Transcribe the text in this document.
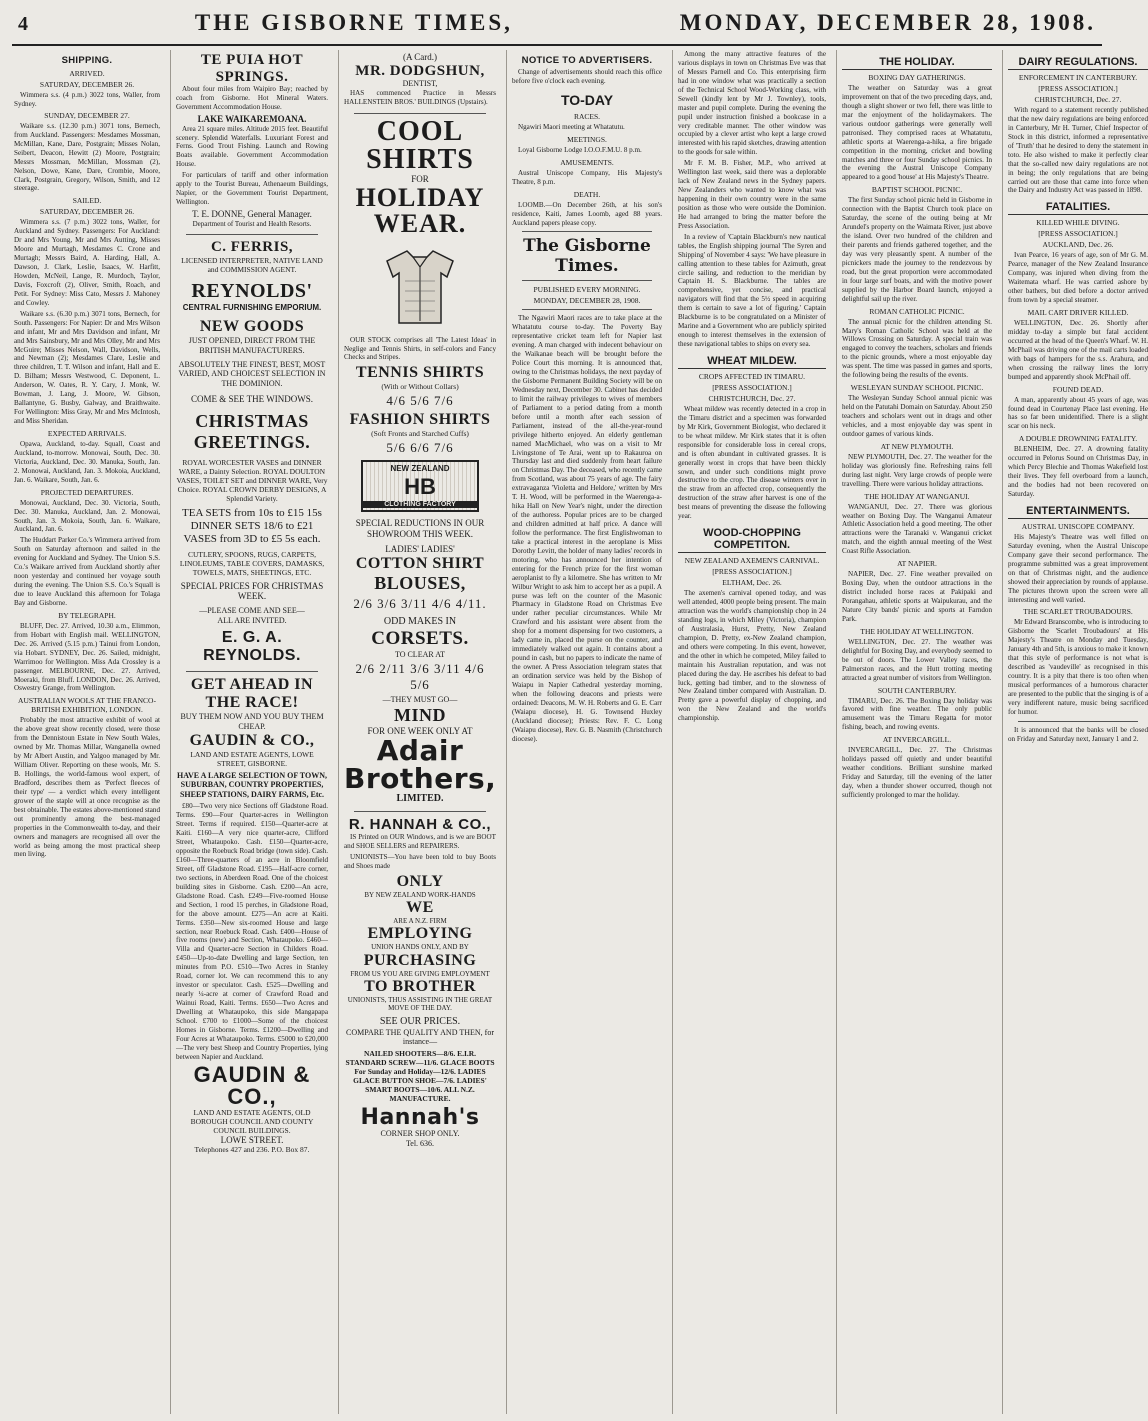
4	THE GISBORNE TIMES,	MONDAY, DECEMBER 28, 1908.
SHIPPING.
ARRIVED.
SATURDAY, DECEMBER 26.
Wimmera s.s. (4 p.m.) 3022 tons, Waller, from Sydney.
SUNDAY, DECEMBER 27.
Waikare s.s. (12.30 p.m.) 3071 tons, Bernech, from Auckland. Passengers: Mesdames Mossman, McMillan, Kane, Dare, Postgrain; Misses Nolan, Seibert, Deacon, Hewitt (2) Moore, Postgrain; Messrs Mossman, McMillan, Mossman (2), Nelson, Dowe, Kane, Dare, Crombie, Moore, Clark, Postgrain, Gregory, Wilson, Smith, and 12 steerage.
SAILED.
SATURDAY, DECEMBER 26.
Wimmera s.s. (7 p.m.) 3022 tons, Waller, for Auckland and Sydney. Passengers: For Auckland: Dr and Mrs Young, Mr and Mrs Autting, Misses Moore and Murtagh, Mesdames C. Crone and Murtagh; Messrs Baird, A. Harding, Hall, A. Dawson, J. Clark, Leslie, Isaacs, W. Harfitt, Howden, McNeil, Lange, R. Murdoch, Taylor, Davis, Foxcroft (2), Oliver, Smith, Roach, and Petit. For Sydney: Miss Cato, Messrs J. Mahoney and Cowley.
Waikare s.s. (6.30 p.m.) 3071 tons, Bernech, for South. Passengers: For Napier: Dr and Mrs Wilson and infant, Mr and Mrs Davidson and infant, Mr and Mrs Sainsbury, Mr and Mrs Olley, Mr and Mrs McGuire; Misses Nelson, Wall, Davidson, Wells, and Newman (2); Mesdames Clare, Leslie and three children, T. T. Wilson and infant, Hall and E. D. Bilham; Messrs Westwood, C. Deponent, L. Anderson, W. Oates, R. Y. Cary, J. Monk, W. Bowman, J. Lang, J. Moore, W. Gibson, Ballantyne, G. Busby, Galway, and Braithwaite. For Wellington: Miss Gray, Mr and Mrs McIntosh, and Miss Sheridan.
EXPECTED ARRIVALS.
Opawa, Auckland, to-day. Squall, Coast and Auckland, to-morrow. Monowai, South, Dec. 30. Victoria, Auckland, Dec. 30. Manuka, South, Jan. 2. Monowai, Auckland, Jan. 3. Mokoia, Auckland, Jan. 6. Waikare, South, Jan. 6.
PROJECTED DEPARTURES.
Monowai, Auckland, Dec. 30. Victoria, South, Dec. 30. Manuka, Auckland, Jan. 2. Monowai, South, Jan. 3. Mokoia, South, Jan. 6. Waikare, Auckland, Jan. 6.
The Huddart Parker Co.'s Wimmera arrived from South on Saturday afternoon and sailed in the evening for Auckland and Sydney. The Union S.S. Co.'s Waikare arrived from Auckland shortly after noon yesterday and continued her voyage south during the evening. The Union S.S. Co.'s Squall is due to leave Auckland this afternoon for Tolaga Bay and Gisborne.
BY TELEGRAPH.
BLUFF, Dec. 27. Arrived, 10.30 a.m., Elimmon, from Hobart with English mail. WELLINGTON, Dec. 26. Arrived (5.15 p.m.) Tainui from London, via Hobart. SYDNEY, Dec. 26. Sailed, midnight, Warrimoo for Wellington. Miss Ada Crossley is a passenger. MELBOURNE, Dec. 27. Arrived, Moeraki, from Bluff. LONDON, Dec. 26. Arrived, Oswestry Grange, from Wellington.
AUSTRALIAN WOOLS AT THE FRANCO-BRITISH EXHIBITION, LONDON.
Probably the most attractive exhibit of wool at the above great show recently closed, were those from the Dennistoun Estate in New South Wales, owned by Mr. Thomas Millar, Wanganella owned by Mr Albert Austin, and Yalgoo managed by Mr. William Oliver. Reporting on these wools, Mr. S. B. Hollings, the world-famous wool expert, of Bradford, describes them as 'Perfect fleeces of their type' — a verdict which every intelligent grower of the staple will at once recognise as the best obtainable. The estates above-mentioned stand out prominently among the best-managed properties in the Commonwealth to-day, and their owners and managers are recognised all over the world as being among the most practical sheep men living.
TE PUIA HOT
SPRINGS.
About four miles from Waipiro Bay; reached by coach from Gisborne. Hot Mineral Waters. Government Accommodation House.
LAKE WAIKAREMOANA.
Area 21 square miles. Altitude 2015 feet. Beautiful scenery. Splendid Waterfalls. Luxuriant Forest and Ferns. Good Trout Fishing. Launch and Rowing Boats available. Government Accommodation House.
For particulars of tariff and other information apply to the Tourist Bureau, Athenaeum Buildings, Napier, or the Government Tourist Department, Wellington.
T. E. DONNE, General Manager.
Department of Tourist and Health Resorts.
C. FERRIS,
LICENSED INTERPRETER, NATIVE LAND and COMMISSION AGENT.
REYNOLDS'
CENTRAL FURNISHING EMPORIUM.
NEW GOODS
JUST OPENED, DIRECT FROM THE BRITISH MANUFACTURERS.
ABSOLUTELY THE FINEST, BEST, MOST VARIED, AND CHOICEST SELECTION IN THE DOMINION.
COME & SEE THE WINDOWS.
CHRISTMAS
GREETINGS.
ROYAL WORCESTER VASES and DINNER WARE, a Dainty Selection. ROYAL DOULTON VASES, TOILET SET and DINNER WARE, Very Choice. ROYAL CROWN DERBY DESIGNS, A Splendid Variety.
TEA SETS from 10s to £15 15s
DINNER SETS 18/6 to £21
VASES from 3D to £5 5s each.
CUTLERY, SPOONS, RUGS, CARPETS, LINOLEUMS, TABLE COVERS, DAMASKS, TOWELS, MATS, SHEETINGS, ETC.
SPECIAL PRICES FOR CHRISTMAS WEEK.
—PLEASE COME AND SEE—
ALL ARE INVITED.
E. G. A. REYNOLDS.
GET AHEAD IN THE RACE!
BUY THEM NOW AND YOU BUY THEM CHEAP.
GAUDIN & CO.,
LAND AND ESTATE AGENTS, LOWE STREET, GISBORNE.
HAVE A LARGE SELECTION OF TOWN, SUBURBAN, COUNTRY PROPERTIES, SHEEP STATIONS, DAIRY FARMS, Etc.
£80—Two very nice Sections off Gladstone Road. Terms. £90—Four Quarter-acres in Wellington Street. Terms if required. £150—Quarter-acre at Kaiti. £160—A very nice quarter-acre, Clifford Street, Whataupoko. Cash. £150—Quarter-acre, opposite the Roebuck Road bridge (town side). Cash. £160—Three-quarters of an acre in Bloomfield Street, off Gladstone Road. £195—Half-acre corner, two sections, in Aberdeen Road. One of the choicest building sites in Gisborne. Cash. £200—An acre, Gladstone Road. Cash. £249—Five-roomed House and Section, 1 rood 15 perches, in Gladstone Road, for the above amount. £275—An acre at Kaiti. Terms. £350—New six-roomed House and large section, near Roebuck Road. Cash. £400—House of five rooms (new) and Section, Whataupoko. £460—Villa and Quarter-acre Section in Childers Road. £450—Up-to-date Dwelling and large Section, ten minutes from P.O. £510—Two Acres in Stanley Road, corner lot. We can recommend this to any investor or speculator. Cash. £525—Dwelling and nearly ¼-acre at corner of Crawford Road and Wainui Road, Kaiti. Terms. £650—Two Acres and Dwelling at Whataupoko, this side Mangapapa School. £700 to £1000—Some of the choicest Homes in Gisborne. Terms. £1200—Dwelling and Four Acres at Whataupoko. Terms. £5000 to £20,000—The very best Sheep and Country Properties, lying between Napier and Auckland.
GAUDIN & CO.,
LAND AND ESTATE AGENTS, OLD BOROUGH COUNCIL AND COUNTY COUNCIL BUILDINGS.
LOWE STREET.
Telephones 427 and 236. P.O. Box 87.
(A Card.)
MR. DODGSHUN,
DENTIST,
HAS commenced Practice in Messrs HALLENSTEIN BROS.' BUILDINGS (Upstairs).
COOL
SHIRTS
FOR
HOLIDAY
WEAR.
OUR STOCK comprises all 'The Latest Ideas' in Neglige and Tennis Shirts, in self-colors and Fancy Checks and Stripes.
TENNIS SHIRTS
(With or Without Collars)
4/6 5/6 7/6
FASHION SHIRTS
(Soft Fronts and Starched Cuffs)
5/6 6/6 7/6
NEW ZEALAND
HB
CLOTHING FACTORY
SPECIAL REDUCTIONS IN OUR SHOWROOM THIS WEEK.
LADIES' LADIES'
COTTON SHIRT
BLOUSES,
2/6 3/6 3/11 4/6 4/11.
ODD MAKES IN
CORSETS.
TO CLEAR AT
2/6 2/11 3/6 3/11 4/6 5/6
—THEY MUST GO—
MIND
FOR ONE WEEK ONLY AT
Adair
Brothers,
LIMITED.
R. HANNAH & CO.,
IS Printed on OUR Windows, and is we are BOOT and SHOE SELLERS and REPAIRERS.
UNIONISTS—You have been told to buy Boots and Shoes made
ONLY
BY NEW ZEALAND WORK-HANDS
WE
ARE A N.Z. FIRM
EMPLOYING
UNION HANDS ONLY, AND BY
PURCHASING
FROM US YOU ARE GIVING EMPLOYMENT
TO BROTHER
UNIONISTS, THUS ASSISTING IN THE GREAT MOVE OF THE DAY.
SEE OUR PRICES.
COMPARE THE QUALITY AND THEN, for instance—
NAILED SHOOTERS—8/6. E.I.R. STANDARD SCREW—11/6. GLACE BOOTS For Sunday and Holiday—12/6. LADIES GLACE BUTTON SHOE—7/6. LADIES' SMART BOOTS—10/6. ALL N.Z. MANUFACTURE.
Hannah's
CORNER SHOP ONLY.
Tel. 636.
NOTICE TO ADVERTISERS.
Change of advertisements should reach this office before five o'clock each evening.
TO-DAY
RACES.
Ngawiri Maori meeting at Whatatutu.
MEETINGS.
Loyal Gisborne Lodge I.O.O.F.M.U. 8 p.m.
AMUSEMENTS.
Austral Uniscope Company, His Majesty's Theatre, 8 p.m.
DEATH.
LOOMB.—On December 26th, at his son's residence, Kaiti, James Loomb, aged 88 years. Auckland papers please copy.
The Gisborne Times.
PUBLISHED EVERY MORNING.
MONDAY, DECEMBER 28, 1908.
The Ngawiri Maori races are to take place at the Whatatutu course to-day. The Poverty Bay representative cricket team left for Napier last evening. A man charged with indecent behaviour on the Waikanae beach will be brought before the Police Court this morning. It is announced that, owing to the Christmas holidays, the next payday of the Gisborne Permanent Building Society will be on Wednesday next, December 30. Cabinet has decided to limit the railway privileges to wives of members of Parliament to a period dating from a month before until a month after each session of Parliament, instead of the all-the-year-round privilege hitherto enjoyed. An elderly gentleman named MacMichael, who was on a visit to Mr Livingstone of Te Arai, went up to Rakauroa on Thursday last and died suddenly from heart failure on Christmas Day. The deceased, who recently came from Scotland, was about 75 years of age. The fairy extravaganza 'Violetta and Heldore,' written by Mrs T. H. Wood, will be performed in the Waerenga-a-hika Hall on New Year's night, under the direction of the authoress. Popular prices are to be charged and children admitted at half price. A dance will follow the performance. The first Englishwoman to take a practical interest in the aeroplane is Miss Dorothy Levitt, the holder of many ladies' records in motoring, who has announced her intention of entering for the French prize for the first woman aeroplanist to fly a kilometre. She has written to Mr Wilbur Wright to ask him to accept her as a pupil. A purse was left on the counter of the Masonic Pharmacy in Gladstone Road on Christmas Eve under rather peculiar circumstances. While Mr Crawford and his assistant were absent from the shop for a moment dispensing for two customers, a lady came in, placed the purse on the counter, and immediately walked out again. It contains about a pound in cash, but no papers to indicate the name of the owner. A Press Association telegram states that an ordination service was held by the Bishop of Waiapu in Napier Cathedral yesterday morning, when the following deacons and priests were ordained: Deacons, M. W. H. Roberts and G. E. Carr (Waiapu diocese), H. G. Townsend Huxley (Auckland diocese); Priests: Rev. F. C. Long (Waiapu diocese), Rev. G. B. Nasmith (Christchurch diocese).
Among the many attractive features of the various displays in town on Christmas Eve was that of Messrs Parnell and Co. This enterprising firm had in one window what was practically a section of the Technical School Wood-Working class, with Sewell (kindly lent by Mr J. Townley), tools, master and pupil complete. During the evening the pupil under instruction finished a bookcase in a very creditable manner. The other window was occupied by a clever artist who kept a large crowd interested with his rapid sketches, drawing attention to the goods for sale within.
Mr F. M. B. Fisher, M.P., who arrived at Wellington last week, said there was a deplorable lack of New Zealand news in the Sydney papers. New Zealanders who wanted to know what was happening in their own country were in the same position as those who were outside the Dominion. He had arranged to bring the matter before the Press Association.
In a review of 'Captain Blackburn's new nautical tables, the English shipping journal 'The Syren and Shipping' of November 4 says: 'We have pleasure in calling attention to these tables for Azimuth, great circle sailing, and reduction to the meridian by Captain H. S. Blackburne. The tables are comprehensive, yet concise, and practical navigators will find that the 5½ speed in acquiring them is certain to save a lot of figuring.' Captain Blackburne is to be congratulated on a Minister of Marine and a Government who are publicly spirited enough to interest themselves in the extension of these navigational tables to ships on every sea.
WHEAT MILDEW.
CROPS AFFECTED IN TIMARU.
[PRESS ASSOCIATION.]
CHRISTCHURCH, Dec. 27.
Wheat mildew was recently detected in a crop in the Timaru district and a specimen was forwarded by Mr Kirk, Government Biologist, who declared it to be wheat mildew. Mr Kirk states that it is often responsible for considerable loss in cereal crops, and is often abundant in cultivated grasses. It is generally worst in crops that have been thickly sown, and under such conditions might prove destructive to the crop. The disease winters over in the straw from an affected crop, consequently the destruction of the straw after harvest is one of the best means of preventing the disease the following year.
WOOD-CHOPPING COMPETITON.
NEW ZEALAND AXEMEN'S CARNIVAL.
[PRESS ASSOCIATION.]
ELTHAM, Dec. 26.
The axemen's carnival opened today, and was well attended, 4000 people being present. The main attraction was the world's championship chop in 24 standing logs, in which Miley (Victoria), champion of Australasia, Hurst, Pretty, New Zealand champion, D. Pretty, ex-New Zealand champion, and others were competing. In this event, however, and the other in which he competed, Miley failed to maintain his Australian reputation, and was not placed during the day. He ascribes his defeat to bad luck, getting bad timber, and to the slowness of New Zealand timber compared with Australian. D. Pretty gave a powerful display of chopping, and won the New Zealand and the world's championship.
THE HOLIDAY.
BOXING DAY GATHERINGS.
The weather on Saturday was a great improvement on that of the two preceding days, and, though a slight shower or two fell, there was little to mar the enjoyment of the holidaymakers. The various outdoor gatherings were generally well patronised. They comprised races at Whatatutu, athletic sports at Waerenga-a-hika, a fire brigade competition in the morning, cricket and bowling matches and three or four Sunday school picnics. In the evening the Austral Uniscope Company appeared to a good 'house' at His Majesty's Theatre.
BAPTIST SCHOOL PICNIC.
The first Sunday school picnic held in Gisborne in connection with the Baptist Church took place on Saturday, the scene of the outing being at Mr Arundel's property on the Waimata River, just above the island. Over two hundred of the children and their parents and friends gathered together, and the day was very pleasantly spent. A number of the picnickers made the journey to the rendezvous by road, but the great proportion were accommodated in four large surf boats, and with the motive power supplied by the Harbor Board launch, enjoyed a delightful sail up the river.
ROMAN CATHOLIC PICNIC.
The annual picnic for the children attending St. Mary's Roman Catholic School was held at the Willows Crossing on Saturday. A special train was engaged to convey the teachers, scholars and friends to the picnic grounds, where a most enjoyable day was spent. The time was passed in games and sports, the following being the results of the events.
WESLEYAN SUNDAY SCHOOL PICNIC.
The Wesleyan Sunday School annual picnic was held on the Patutahi Domain on Saturday. About 250 teachers and scholars went out in drags and other vehicles, and a most enjoyable day was spent in outdoor games of various kinds.
AT NEW PLYMOUTH.
NEW PLYMOUTH, Dec. 27. The weather for the holiday was gloriously fine. Refreshing rains fell during last night. Very large crowds of people were travelling. There were various holiday attractions.
THE HOLIDAY AT WANGANUI.
WANGANUI, Dec. 27. There was glorious weather on Boxing Day. The Wanganui Amateur Athletic Association held a good meeting. The other attractions were the Taranaki v. Wanganui cricket match, and the eighth annual meeting of the West Coast Rifle Association.
AT NAPIER.
NAPIER, Dec. 27. Fine weather prevailed on Boxing Day, when the outdoor attractions in the district included horse races at Pakipaki and Porangahau, athletic sports at Waipukurau, and the Nature City bands' picnic and sports at Farndon Park.
THE HOLIDAY AT WELLINGTON.
WELLINGTON, Dec. 27. The weather was delightful for Boxing Day, and everybody seemed to be out of doors. The Lower Valley races, the Palmerston races, and the Hutt trotting meeting attracted a great number of visitors from Wellington.
SOUTH CANTERBURY.
TIMARU, Dec. 26. The Boxing Day holiday was favored with fine weather. The only public amusement was the Timaru Regatta for motor fishing, beach, and rowing events.
AT INVERCARGILL.
INVERCARGILL, Dec. 27. The Christmas holidays passed off quietly and under beautiful weather conditions. Brilliant sunshine marked Friday and Saturday, till the evening of the latter day, when a thunder shower occurred, though not sufficiently prolonged to mar the holiday.
DAIRY REGULATIONS.
ENFORCEMENT IN CANTERBURY.
[PRESS ASSOCIATION.]
CHRISTCHURCH, Dec. 27.
With regard to a statement recently published that the new dairy regulations are being enforced in Canterbury, Mr H. Turner, Chief Inspector of Stock in this district, informed a representative of 'Truth' that he desired to deny the statement in toto. He also wished to make it perfectly clear that the so-called new dairy regulations are not in being; the only regulations that are being carried out are those that came into force when the Dairy and Industry Act was passed in 1898.
FATALITIES.
KILLED WHILE DIVING.
[PRESS ASSOCIATION.]
AUCKLAND, Dec. 26.
Ivan Pearce, 16 years of age, son of Mr G. M. Pearce, manager of the New Zealand Insurance Company, was injured when diving from the Waitemata wharf. He was carried ashore by other bathers, but died before a doctor arrived from town by a special steamer.
MAIL CART DRIVER KILLED.
WELLINGTON, Dec. 26. Shortly after midday to-day a simple but fatal accident occurred at the head of the Queen's Wharf. W. H. McPhail was driving one of the mail carts loaded with bags of hampers for the s.s. Arahura, and when crossing the railway lines the lorry bumped and apparently shook McPhail off.
FOUND DEAD.
A man, apparently about 45 years of age, was found dead in Courtenay Place last evening. He has so far been unidentified. There is a slight scar on his neck.
A DOUBLE DROWNING FATALITY.
BLENHEIM, Dec. 27. A drowning fatality occurred in Pelorus Sound on Christmas Day, in which Percy Blechie and Thomas Wakefield lost their lives. They fell overboard from a launch, and the bodies had not been recovered on Saturday.
ENTERTAINMENTS.
AUSTRAL UNISCOPE COMPANY.
His Majesty's Theatre was well filled on Saturday evening, when the Austral Uniscope Company gave their second performance. The programme submitted was a great improvement on that of Christmas night, and the audience showed their appreciation by rounds of applause. The pictures thrown upon the screen were all interesting and well varied.
THE SCARLET TROUBADOURS.
Mr Edward Branscombe, who is introducing to Gisborne the 'Scarlet Troubadours' at His Majesty's Theatre on Monday and Tuesday, January 4th and 5th, is anxious to make it known that this style of performance is not what is described as 'vaudeville' as recognised in this country. It is a pity that there is too often when musical performances of a humorous character are presented to the public that the singing is of a very indifferent nature, music being sacrificed for humor.
It is announced that the banks will be closed on Friday and Saturday next, January 1 and 2.
